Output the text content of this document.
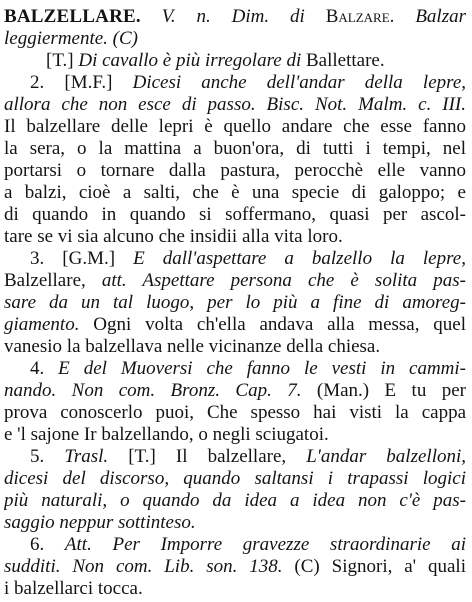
BALZELLARE. V. n. Dim. di Balzare. Balzar
leggiermente. (C)
[T.] Di cavallo è più irregolare di Ballettare.
2. [M.F.] Dicesi anche dell'andar della lepre,
allora che non esce di passo. Bisc. Not. Malm. c. III.
Il balzellare delle lepri è quello andare che esse fanno
la sera, o la mattina a buon'ora, di tutti i tempi, nel
portarsi o tornare dalla pastura, perocchè elle vanno
a balzi, cioè a salti, che è una specie di galoppo; e
di quando in quando si soffermano, quasi per ascol-
tare se vi sia alcuno che insidii alla vita loro.
3. [G.M.] E dall'aspettare a balzello la lepre,
Balzellare, att. Aspettare persona che è solita pas-
sare da un tal luogo, per lo più a fine di amoreg-
giamento. Ogni volta ch'ella andava alla messa, quel
vanesio la balzellava nelle vicinanze della chiesa.
4. E del Muoversi che fanno le vesti in cammi-
nando. Non com. Bronz. Cap. 7. (Man.) E tu per
prova conoscerlo puoi, Che spesso hai visti la cappa
e 'l sajone Ir balzellando, o negli sciugatoi.
5. Trasl. [T.] Il balzellare, L'andar balzelloni,
dicesi del discorso, quando saltansi i trapassi logici
più naturali, o quando da idea a idea non c'è pas-
saggio neppur sottinteso.
6. Att. Per Imporre gravezze straordinarie ai
sudditi. Non com. Lib. son. 138. (C) Signori, a' quali
i balzellarci tocca.
